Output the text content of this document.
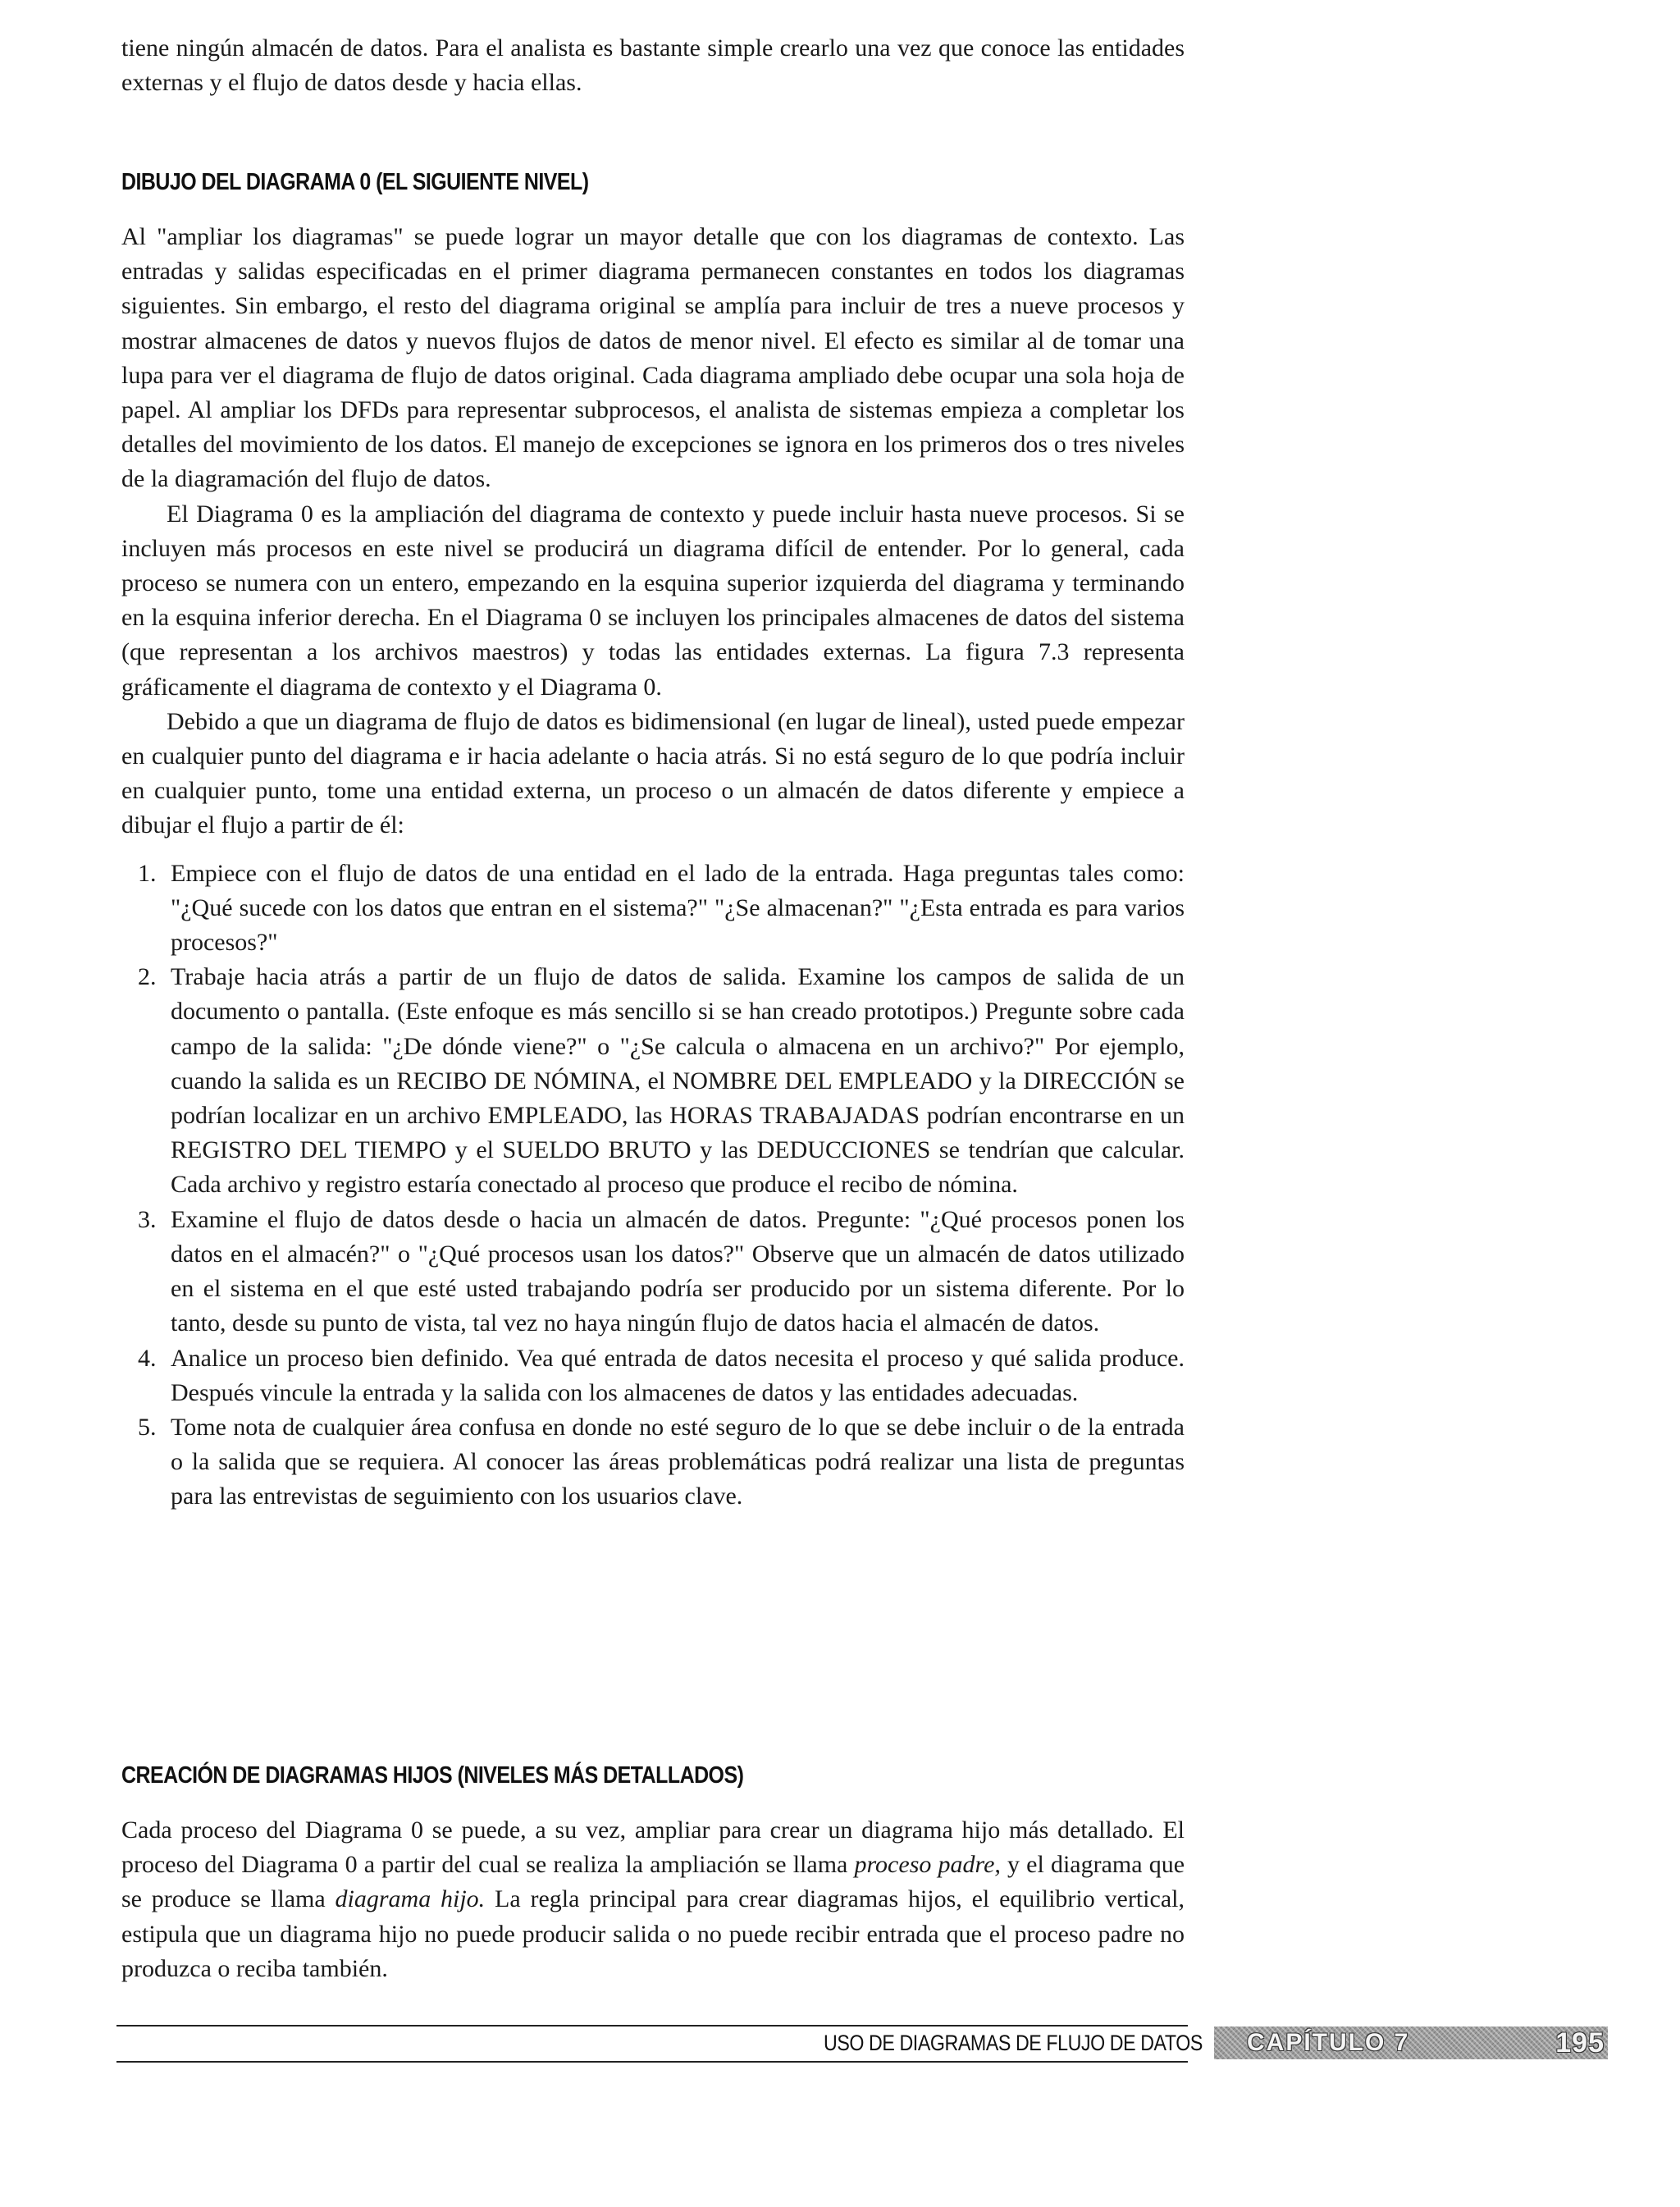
tiene ningún almacén de datos. Para el analista es bastante simple crearlo una vez que conoce las entidades externas y el flujo de datos desde y hacia ellas.

DIBUJO DEL DIAGRAMA 0 (EL SIGUIENTE NIVEL)

Al "ampliar los diagramas" se puede lograr un mayor detalle que con los diagramas de contexto. Las entradas y salidas especificadas en el primer diagrama permanecen constantes en todos los diagramas siguientes. Sin embargo, el resto del diagrama original se amplía para incluir de tres a nueve procesos y mostrar almacenes de datos y nuevos flujos de datos de menor nivel. El efecto es similar al de tomar una lupa para ver el diagrama de flujo de datos original. Cada diagrama ampliado debe ocupar una sola hoja de papel. Al ampliar los DFDs para representar subprocesos, el analista de sistemas empieza a completar los detalles del movimiento de los datos. El manejo de excepciones se ignora en los primeros dos o tres niveles de la diagramación del flujo de datos.

El Diagrama 0 es la ampliación del diagrama de contexto y puede incluir hasta nueve procesos. Si se incluyen más procesos en este nivel se producirá un diagrama difícil de entender. Por lo general, cada proceso se numera con un entero, empezando en la esquina superior izquierda del diagrama y terminando en la esquina inferior derecha. En el Diagrama 0 se incluyen los principales almacenes de datos del sistema (que representan a los archivos maestros) y todas las entidades externas. La figura 7.3 representa gráficamente el diagrama de contexto y el Diagrama 0.

Debido a que un diagrama de flujo de datos es bidimensional (en lugar de lineal), usted puede empezar en cualquier punto del diagrama e ir hacia adelante o hacia atrás. Si no está seguro de lo que podría incluir en cualquier punto, tome una entidad externa, un proceso o un almacén de datos diferente y empiece a dibujar el flujo a partir de él:

1. Empiece con el flujo de datos de una entidad en el lado de la entrada. Haga preguntas tales como: "¿Qué sucede con los datos que entran en el sistema?" "¿Se almacenan?" "¿Esta entrada es para varios procesos?"
2. Trabaje hacia atrás a partir de un flujo de datos de salida. Examine los campos de salida de un documento o pantalla. (Este enfoque es más sencillo si se han creado prototipos.) Pregunte sobre cada campo de la salida: "¿De dónde viene?" o "¿Se calcula o almacena en un archivo?" Por ejemplo, cuando la salida es un RECIBO DE NÓMINA, el NOMBRE DEL EMPLEADO y la DIRECCIÓN se podrían localizar en un archivo EMPLEADO, las HORAS TRABAJADAS podrían encontrarse en un REGISTRO DEL TIEMPO y el SUELDO BRUTO y las DEDUCCIONES se tendrían que calcular. Cada archivo y registro estaría conectado al proceso que produce el recibo de nómina.
3. Examine el flujo de datos desde o hacia un almacén de datos. Pregunte: "¿Qué procesos ponen los datos en el almacén?" o "¿Qué procesos usan los datos?" Observe que un almacén de datos utilizado en el sistema en el que esté usted trabajando podría ser producido por un sistema diferente. Por lo tanto, desde su punto de vista, tal vez no haya ningún flujo de datos hacia el almacén de datos.
4. Analice un proceso bien definido. Vea qué entrada de datos necesita el proceso y qué salida produce. Después vincule la entrada y la salida con los almacenes de datos y las entidades adecuadas.
5. Tome nota de cualquier área confusa en donde no esté seguro de lo que se debe incluir o de la entrada o la salida que se requiera. Al conocer las áreas problemáticas podrá realizar una lista de preguntas para las entrevistas de seguimiento con los usuarios clave.
CREACIÓN DE DIAGRAMAS HIJOS (NIVELES MÁS DETALLADOS)

Cada proceso del Diagrama 0 se puede, a su vez, ampliar para crear un diagrama hijo más detallado. El proceso del Diagrama 0 a partir del cual se realiza la ampliación se llama proceso padre, y el diagrama que se produce se llama diagrama hijo. La regla principal para crear diagramas hijos, el equilibrio vertical, estipula que un diagrama hijo no puede producir salida o no puede recibir entrada que el proceso padre no produzca o reciba también.

USO DE DIAGRAMAS DE FLUJO DE DATOS CAPÍTULO 7	195
